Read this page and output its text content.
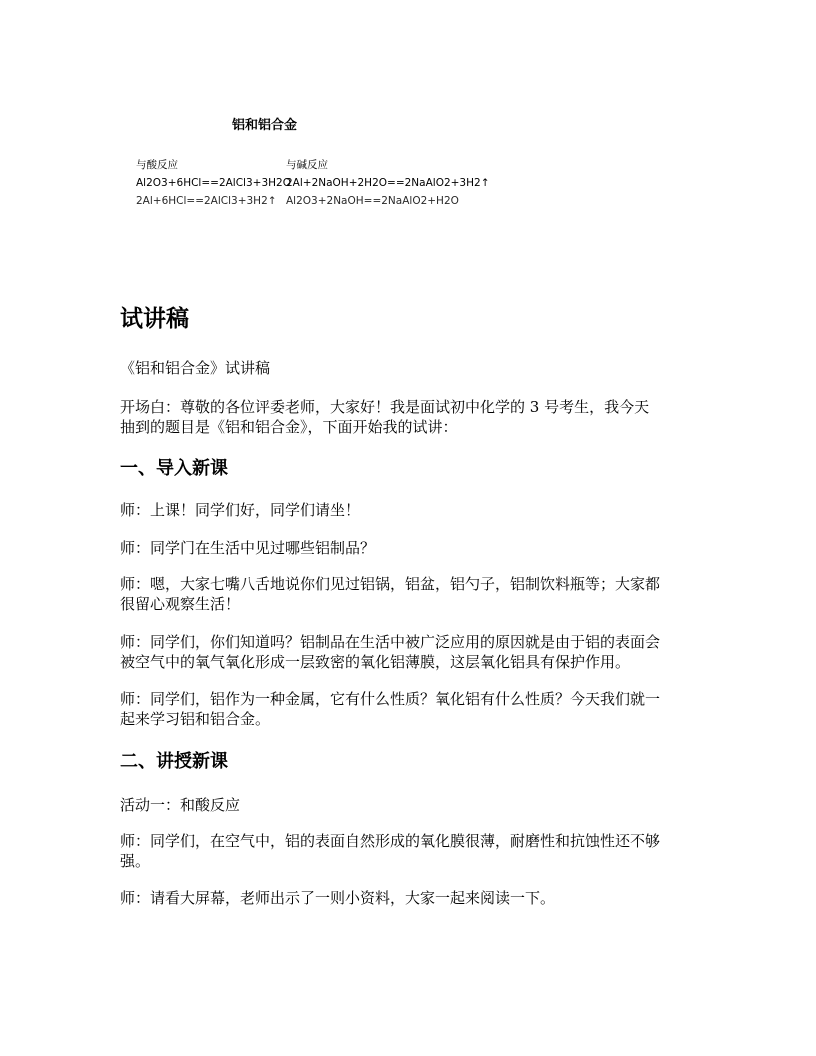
铝和铝合金
与酸反应
Al2O3+6HCl==2AlCl3+3H2O
2Al+6HCl==2AlCl3+3H2↑
与碱反应
2Al+2NaOH+2H2O==2NaAlO2+3H2↑
Al2O3+2NaOH==2NaAlO2+H2O
试讲稿

《铝和铝合金》试讲稿

开场白：尊敬的各位评委老师，大家好！我是面试初中化学的 3 号考生，我今天
抽到的题目是《铝和铝合金》，下面开始我的试讲：

一、导入新课

师：上课！同学们好，同学们请坐！

师：同学门在生活中见过哪些铝制品？

师：嗯，大家七嘴八舌地说你们见过铝锅，铝盆，铝勺子，铝制饮料瓶等；大家都
很留心观察生活！

师：同学们，你们知道吗？铝制品在生活中被广泛应用的原因就是由于铝的表面会
被空气中的氧气氧化形成一层致密的氧化铝薄膜，这层氧化铝具有保护作用。

师：同学们，铝作为一种金属，它有什么性质？氧化铝有什么性质？今天我们就一
起来学习铝和铝合金。

二、讲授新课

活动一：和酸反应

师：同学们，在空气中，铝的表面自然形成的氧化膜很薄，耐磨性和抗蚀性还不够
强。

师：请看大屏幕，老师出示了一则小资料，大家一起来阅读一下。
